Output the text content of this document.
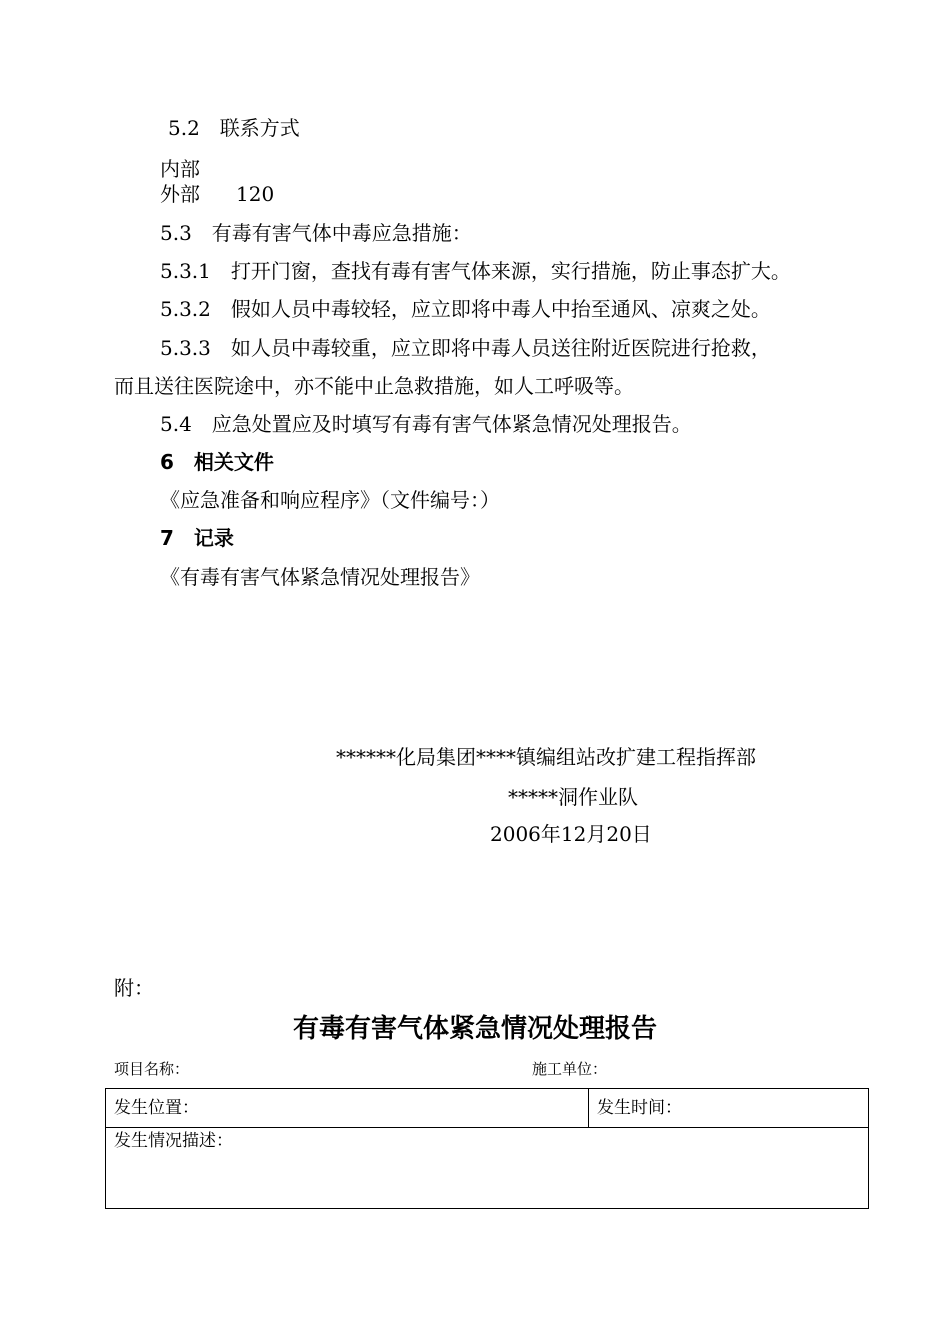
5.2　联系方式
内部
外部 120
5.3　有毒有害气体中毒应急措施：
5.3.1　打开门窗，查找有毒有害气体来源，实行措施，防止事态扩大。
5.3.2　假如人员中毒较轻，应立即将中毒人中抬至通风、凉爽之处。
5.3.3　如人员中毒较重，应立即将中毒人员送往附近医院进行抢救，
而且送往医院途中，亦不能中止急救措施，如人工呼吸等。
5.4　应急处置应及时填写有毒有害气体紧急情况处理报告。
6　相关文件
《应急准备和响应程序》（文件编号：）
7　记录
《有毒有害气体紧急情况处理报告》
******化局集团****镇编组站改扩建工程指挥部
*****洞作业队
2006年12月20日
附：
有毒有害气体紧急情况处理报告
项目名称：	施工单位：
发生位置：	发生时间：
发生情况描述：
